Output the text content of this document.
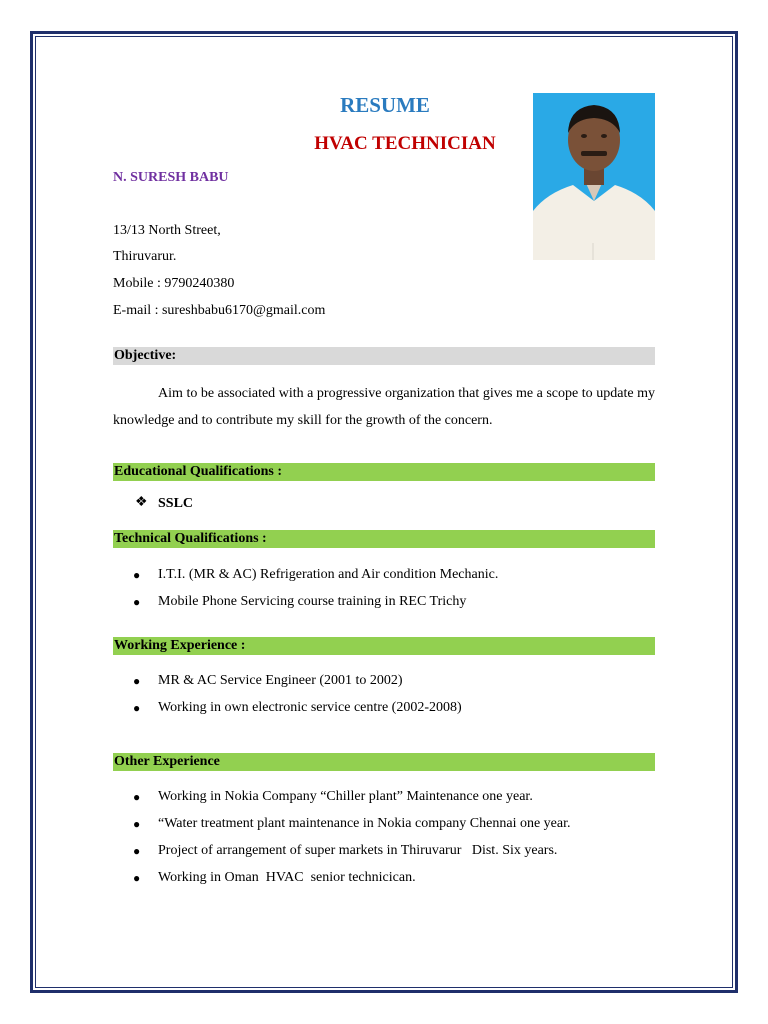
RESUME
HVAC TECHNICIAN
N. SURESH BABU
13/13 North Street,
Thiruvarur.
Mobile : 9790240380
E-mail : sureshbabu6170@gmail.com
Objective:
Aim to be associated with a progressive organization that gives me a scope to update my knowledge and to contribute my skill for the growth of the concern.
Educational Qualifications :
❖ SSLC
Technical Qualifications :
● I.T.I. (MR & AC) Refrigeration and Air condition Mechanic.
● Mobile Phone Servicing course training in REC Trichy
Working Experience :
● MR & AC Service Engineer (2001 to 2002)
● Working in own electronic service centre (2002-2008)
Other Experience
● Working in Nokia Company “Chiller plant” Maintenance one year.
● “Water treatment plant maintenance in Nokia company Chennai one year.
● Project of arrangement of super markets in Thiruvarur   Dist. Six years.
● Working in Oman  HVAC  senior technicican.
